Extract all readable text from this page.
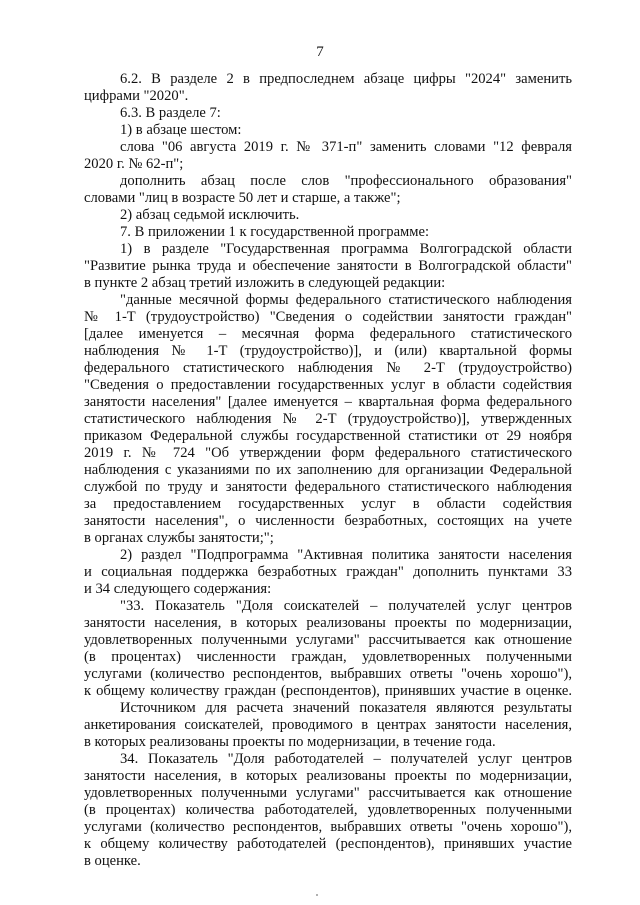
7
6.2. В разделе 2 в предпоследнем абзаце цифры "2024" заменить
цифрами "2020".
6.3. В разделе 7:
1) в абзаце шестом:
слова "06 августа 2019 г. № 371-п" заменить словами "12 февраля
2020 г. № 62-п";
дополнить абзац после слов "профессионального образования"
словами "лиц в возрасте 50 лет и старше, а также";
2) абзац седьмой исключить.
7. В приложении 1 к государственной программе:
1) в разделе "Государственная программа Волгоградской области
"Развитие рынка труда и обеспечение занятости в Волгоградской области"
в пункте 2 абзац третий изложить в следующей редакции:
"данные месячной формы федерального статистического наблюдения
№ 1-Т (трудоустройство) "Сведения о содействии занятости граждан"
[далее именуется – месячная форма федерального статистического
наблюдения № 1-Т (трудоустройство)], и (или) квартальной формы
федерального статистического наблюдения № 2-Т (трудоустройство)
"Сведения о предоставлении государственных услуг в области содействия
занятости населения" [далее именуется – квартальная форма федерального
статистического наблюдения № 2-Т (трудоустройство)], утвержденных
приказом Федеральной службы государственной статистики от 29 ноября
2019 г. № 724 "Об утверждении форм федерального статистического
наблюдения с указаниями по их заполнению для организации Федеральной
службой по труду и занятости федерального статистического наблюдения
за предоставлением государственных услуг в области содействия
занятости населения", о численности безработных, состоящих на учете
в органах службы занятости;";
2) раздел "Подпрограмма "Активная политика занятости населения
и социальная поддержка безработных граждан" дополнить пунктами 33
и 34 следующего содержания:
"33. Показатель "Доля соискателей – получателей услуг центров
занятости населения, в которых реализованы проекты по модернизации,
удовлетворенных полученными услугами" рассчитывается как отношение
(в процентах) численности граждан, удовлетворенных полученными
услугами (количество респондентов, выбравших ответы "очень хорошо"),
к общему количеству граждан (респондентов), принявших участие в оценке.
Источником для расчета значений показателя являются результаты
анкетирования соискателей, проводимого в центрах занятости населения,
в которых реализованы проекты по модернизации, в течение года.
34. Показатель "Доля работодателей – получателей услуг центров
занятости населения, в которых реализованы проекты по модернизации,
удовлетворенных полученными услугами" рассчитывается как отношение
(в процентах) количества работодателей, удовлетворенных полученными
услугами (количество респондентов, выбравших ответы "очень хорошо"),
к общему количеству работодателей (респондентов), принявших участие
в оценке.
